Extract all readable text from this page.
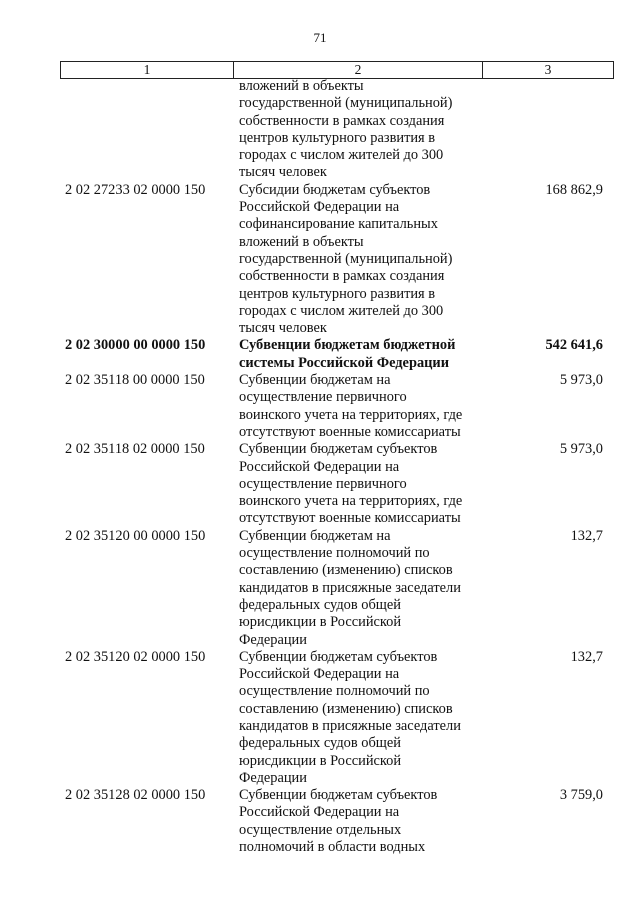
71
1	2	3
вложений в объекты
государственной (муниципальной)
собственности в рамках создания
центров культурного развития в
городах с числом жителей до 300
тысяч человек
2 02 27233 02 0000 150	Субсидии бюджетам субъектов
Российской Федерации на
софинансирование капитальных
вложений в объекты
государственной (муниципальной)
собственности в рамках создания
центров культурного развития в
городах с числом жителей до 300
тысяч человек
168 862,9
2 02 30000 00 0000 150	Субвенции бюджетам бюджетной
системы Российской Федерации
542 641,6
2 02 35118 00 0000 150	Субвенции бюджетам на
осуществление первичного
воинского учета на территориях, где
отсутствуют военные комиссариаты
5 973,0
2 02 35118 02 0000 150	Субвенции бюджетам субъектов
Российской Федерации на
осуществление первичного
воинского учета на территориях, где
отсутствуют военные комиссариаты
5 973,0
2 02 35120 00 0000 150	Субвенции бюджетам на
осуществление полномочий по
составлению (изменению) списков
кандидатов в присяжные заседатели
федеральных судов общей
юрисдикции в Российской
Федерации
132,7
2 02 35120 02 0000 150	Субвенции бюджетам субъектов
Российской Федерации на
осуществление полномочий по
составлению (изменению) списков
кандидатов в присяжные заседатели
федеральных судов общей
юрисдикции в Российской
Федерации
132,7
2 02 35128 02 0000 150	Субвенции бюджетам субъектов
Российской Федерации на
осуществление отдельных
полномочий в области водных
3 759,0
